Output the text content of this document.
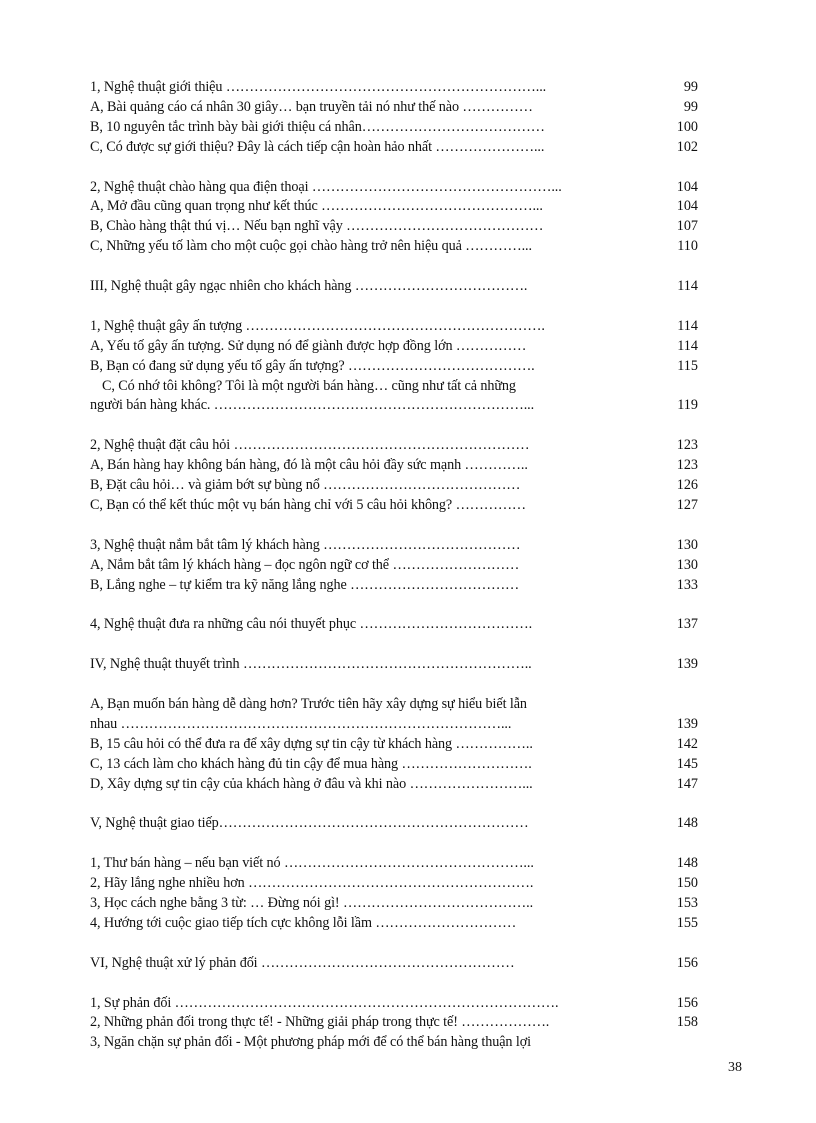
1, Nghệ thuật giới thiệu …………………………………………………………...	99
A, Bài quảng cáo cá nhân 30 giây… bạn truyền tải nó như thế nào ……………	99
B, 10 nguyên tắc trình bày bài giới thiệu cá nhân…………………………………	100
C, Có được sự giới thiệu? Đây là cách tiếp cận hoàn hảo nhất …………………...	102
2, Nghệ thuật chào hàng qua điện thoại ……………………………………………...	104
A, Mở đầu cũng quan trọng như kết thúc ………………………………………...	104
B, Chào hàng thật thú vị… Nếu bạn nghĩ vậy ……………………………………	107
C, Những yếu tố làm cho một cuộc gọi chào hàng trở nên hiệu quả …………...	110
III, Nghệ thuật gây ngạc nhiên cho khách hàng ……………………………….	114
1, Nghệ thuật gây ấn tượng ……………………………………………………….	114
A, Yếu tố gây ấn tượng. Sử dụng nó để giành được hợp đồng lớn ……………	114
B, Bạn có đang sử dụng yếu tố gây ấn tượng? ………………………………….	115
C, Có nhớ tôi không? Tôi là một người bán hàng… cũng như tất cả những
người bán hàng khác. …………………………………………………………...	119
2, Nghệ thuật đặt câu hỏi ………………………………………………………	123
A, Bán hàng hay không bán hàng, đó là một câu hỏi đầy sức mạnh …………..	123
B, Đặt câu hỏi… và giảm bớt sự bùng nổ ……………………………………	126
C, Bạn có thể kết thúc một vụ bán hàng chỉ với 5 câu hỏi không? ……………	127
3, Nghệ thuật nắm bắt tâm lý khách hàng ……………………………………	130
A, Nắm bắt tâm lý khách hàng – đọc ngôn ngữ cơ thể ………………………	130
B, Lắng nghe – tự kiểm tra kỹ năng lắng nghe ………………………………	133
4, Nghệ thuật đưa ra những câu nói thuyết phục ……………………………….	137
IV, Nghệ thuật thuyết trình ……………………………………………………..	139
A, Bạn muốn bán hàng dễ dàng hơn? Trước tiên hãy xây dựng sự hiểu biết lẫn
nhau ………………………………………………………………………...	139
B, 15 câu hỏi có thể đưa ra để xây dựng sự tin cậy từ khách hàng ……………..	142
C, 13 cách làm cho khách hàng đủ tin cậy để mua hàng ……………………….	145
D, Xây dựng sự tin cậy của khách hàng ở đâu và khi nào ……………………...	147
V, Nghệ thuật giao tiếp…………………………………………………………	148
1, Thư bán hàng – nếu bạn viết nó ……………………………………………...	148
2, Hãy lắng nghe nhiều hơn …………………………………………………….	150
3, Học cách nghe bằng 3 từ: … Đừng nói gì! …………………………………..	153
4, Hướng tới cuộc giao tiếp tích cực không lỗi lầm …………………………	155
VI, Nghệ thuật xử lý phản đối ………………………………………………	156
1, Sự phản đối ……………………………………………………………………….	156
2, Những phản đối trong thực tế! - Những giải pháp trong thực tế! ……………….	158
3, Ngăn chặn sự phản đối - Một phương pháp mới để có thể bán hàng thuận lợi
38
